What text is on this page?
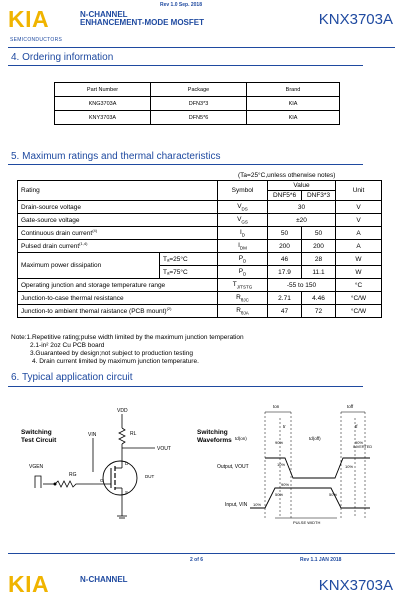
KIA
SEMICONDUCTORS
N-CHANNEL
ENHANCEMENT-MODE MOSFET
Rev 1.0 Sep. 2018
KNX3703A
4. Ordering information
Part Number	Package	Brand
KNG3703A	DFN3*3	KIA
KNY3703A	DFN5*6	KIA
5. Maximum ratings and thermal characteristics
(Ta=25°C,unless otherwise notes)
Rating		Symbol	Value		Unit
			DNF5*6	DNF3*3	
Drain-source voltage		$V_{DS}$	30		V
Gate-source voltage		$V_{GS}$	±20		V
Continuous drain current$^{(4)}$		$I_D$	50	50	A
Pulsed drain current$^{(1,4)}$		$I_{DM}$	200	200	A
Maximum power dissipation	Tₐ=25°C	$P_D$	46	28	W
	Tₐ=75°C	$P_D$	17.9	11.1	W
Operating junction and storage temperature range		$T_{J/TSTG}$	-55 to 150		°C
Junction-to-case thermal resistance		$R_{\theta JC}$	2.71	4.46	°C/W
Junction-to ambient themal raistance (PCB mount)$^{(2)}$		$R_{\theta JA}$	47	72	°C/W
Note:1.Repetitive rating;pulse width limited by the maximum junction temperation
2.1-in² 2oz Cu PCB board
3.Guaranteed by design;not subject to production testing
4. Drain current limited by maximum junction temperature.
6. Typical application circuit
Switching
Test Circuit
VDD
RL
VOUT
VIN
D
S
DUT
G
RG
VGEN
Switching
Waveforms
ton	toff
td(on)
tr
td(off)
tf
Output, VOUT
90%	90%
10%	10%
INVERTED
Input, VIN 10%
50%
90%
50%
PULSE WIDTH
2 of 6	Rev 1.1 JAN 2018
KIA	N-CHANNEL	KNX3703A
